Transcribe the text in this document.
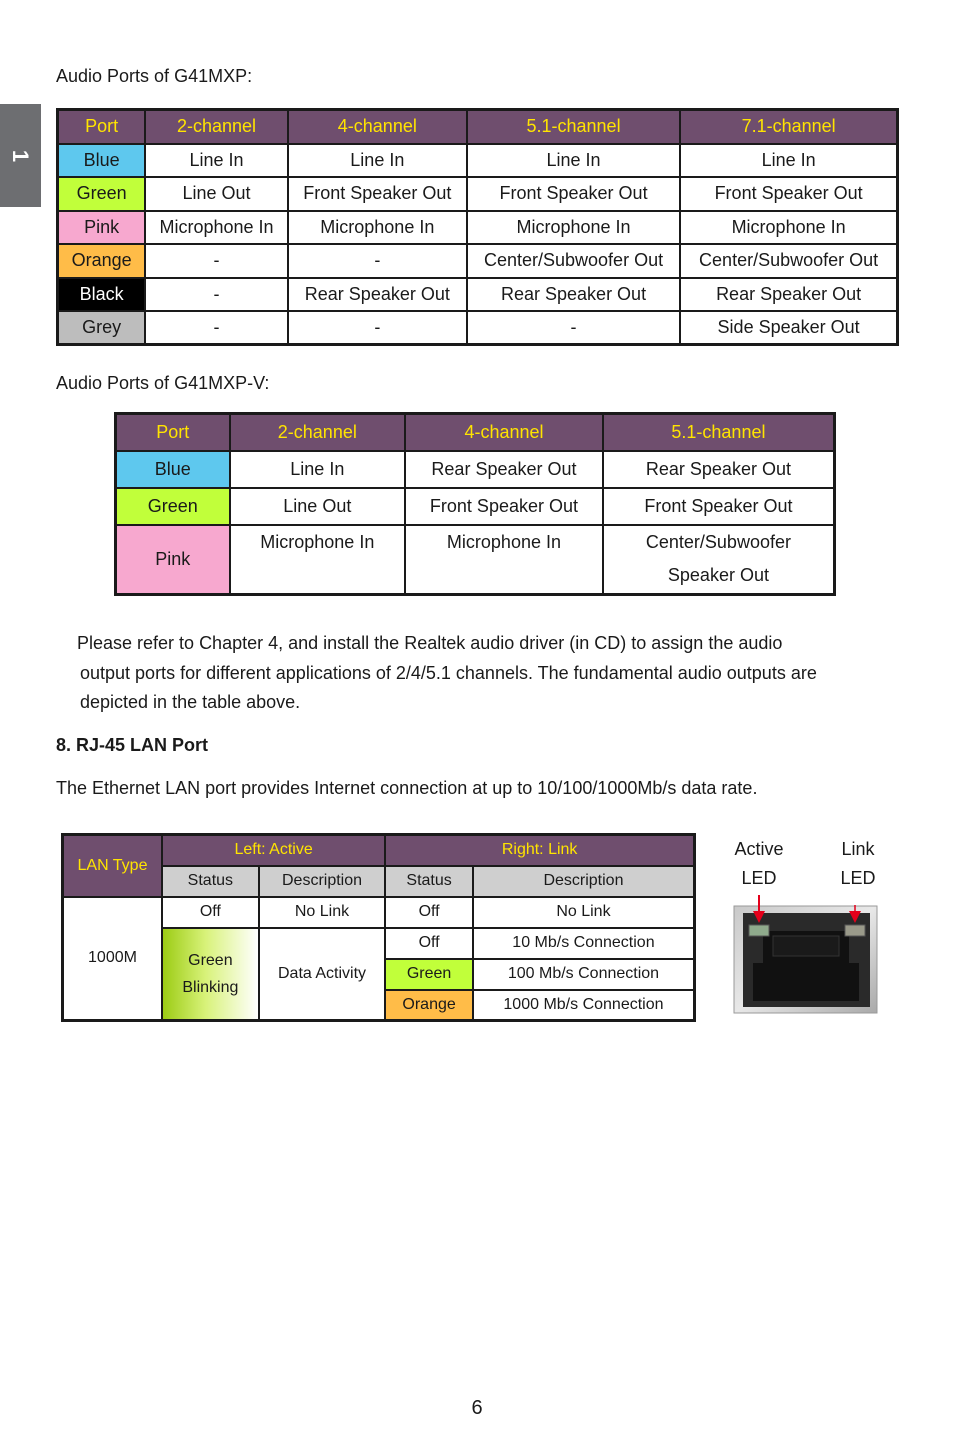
1
Audio Ports of G41MXP:
Port	2-channel	4-channel	5.1-channel	7.1-channel
Blue	Line In	Line In	Line In	Line In
Green	Line Out	Front Speaker Out	Front Speaker Out	Front Speaker Out
Pink	Microphone In	Microphone In	Microphone In	Microphone In
Orange	-	-	Center/Subwoofer Out	Center/Subwoofer Out
Black	-	Rear Speaker Out	Rear Speaker Out	Rear Speaker Out
Grey	-	-	-	Side Speaker Out
Audio Ports of G41MXP-V:
Port	2-channel	4-channel	5.1-channel
Blue	Line In	Rear Speaker Out	Rear Speaker Out
Green	Line Out	Front Speaker Out	Front Speaker Out
Pink	Microphone In	Microphone In	Center/Subwoofer Speaker Out
Please refer to Chapter 4, and install the Realtek audio driver (in CD) to assign the audio
output ports for different applications of 2/4/5.1 channels. The fundamental audio outputs are
depicted in the table above.
8. RJ-45 LAN Port
The Ethernet LAN port provides Internet connection at up to 10/100/1000Mb/s data rate.
LAN Type	Left: Active		Right: Link	
	Status	Description	Status	Description
1000M	Off	No Link	Off	No Link
	Green Blinking	Data Activity	Off	10 Mb/s Connection
			Green	100 Mb/s Connection
			Orange	1000 Mb/s Connection
Active
LED
Link
LED
6
